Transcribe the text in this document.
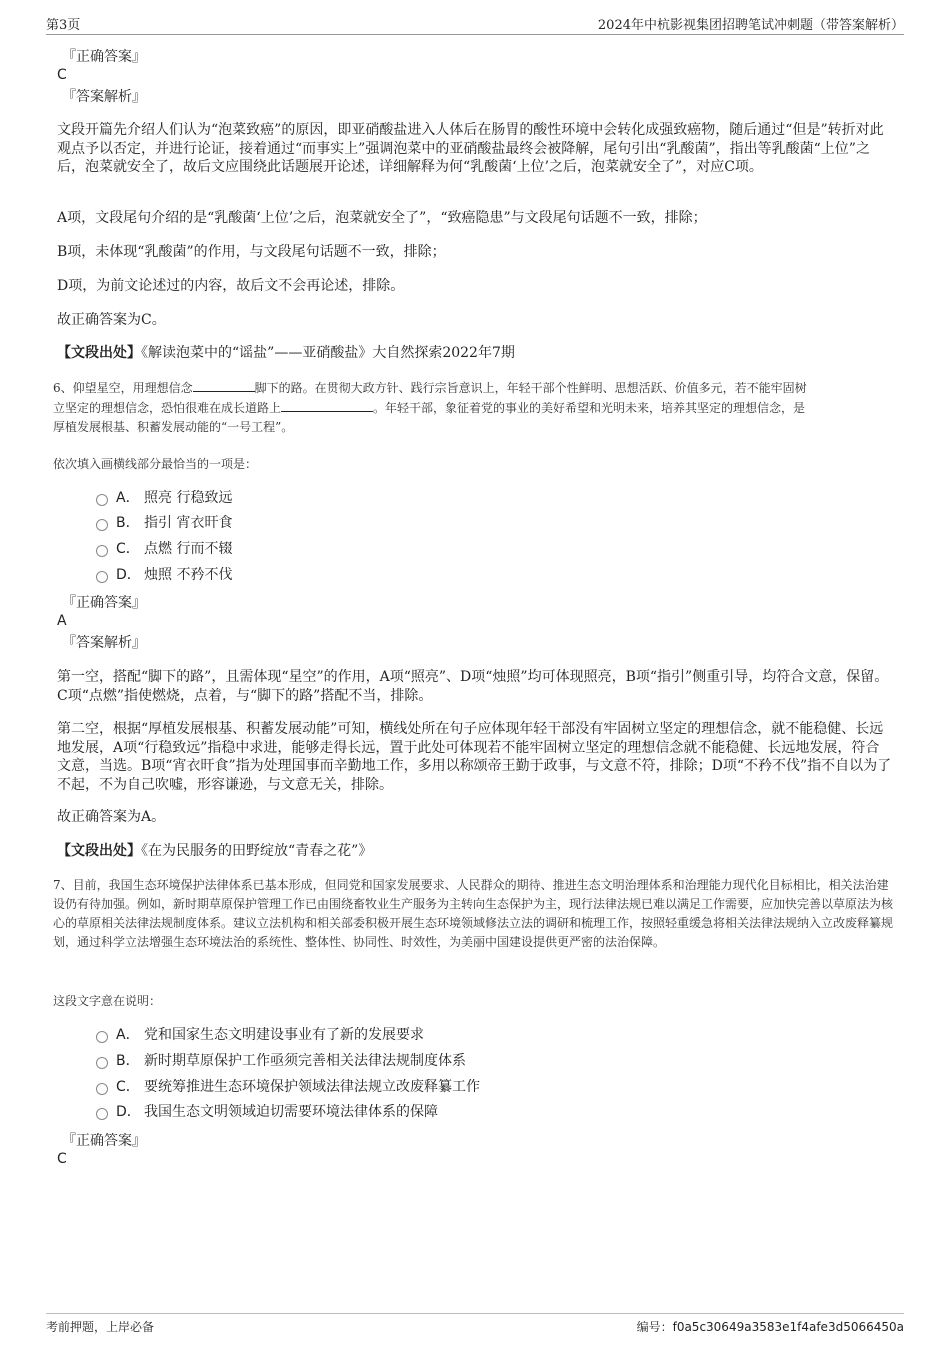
第3页	2024年中杭影视集团招聘笔试冲刺题（带答案解析）
『正确答案』
C
『答案解析』
文段开篇先介绍人们认为“泡菜致癌”的原因，即亚硝酸盐进入人体后在肠胃的酸性环境中会转化成强致癌物，随后通过“但是”转折对此观点予以否定，并进行论证，接着通过“而事实上”强调泡菜中的亚硝酸盐最终会被降解，尾句引出“乳酸菌”，指出等乳酸菌“上位”之后，泡菜就安全了，故后文应围绕此话题展开论述，详细解释为何“乳酸菌‘上位’之后，泡菜就安全了”，对应C项。
A项，文段尾句介绍的是“乳酸菌‘上位’之后，泡菜就安全了”，“致癌隐患”与文段尾句话题不一致，排除；
B项，未体现“乳酸菌”的作用，与文段尾句话题不一致，排除；
D项，为前文论述过的内容，故后文不会再论述，排除。
故正确答案为C。
【文段出处】《解读泡菜中的“谣盐”——亚硝酸盐》大自然探索2022年7期
6、仰望星空，用理想信念	脚下的路。在贯彻大政方针、践行宗旨意识上，年轻干部个性鲜明、思想活跃、价值多元，若不能牢固树
立坚定的理想信念，恐怕很难在成长道路上	。年轻干部，象征着党的事业的美好希望和光明未来，培养其坚定的理想信念，是
厚植发展根基、积蓄发展动能的“一号工程”。
依次填入画横线部分最恰当的一项是：
A． 照亮 行稳致远
B． 指引 宵衣旰食
C． 点燃 行而不辍
D． 烛照 不矜不伐
『正确答案』
A
『答案解析』
第一空，搭配“脚下的路”，且需体现“星空”的作用，A项“照亮”、D项“烛照”均可体现照亮，B项“指引”侧重引导，均符合文意，保留。C项“点燃”指使燃烧，点着，与“脚下的路”搭配不当，排除。
第二空，根据“厚植发展根基、积蓄发展动能”可知，横线处所在句子应体现年轻干部没有牢固树立坚定的理想信念，就不能稳健、长远地发展，A项“行稳致远”指稳中求进，能够走得长远，置于此处可体现若不能牢固树立坚定的理想信念就不能稳健、长远地发展，符合文意，当选。B项“宵衣旰食”指为处理国事而辛勤地工作，多用以称颂帝王勤于政事，与文意不符，排除；D项“不矜不伐”指不自以为了不起，不为自己吹嘘，形容谦逊，与文意无关，排除。
故正确答案为A。
【文段出处】《在为民服务的田野绽放“青春之花”》
7、目前，我国生态环境保护法律体系已基本形成，但同党和国家发展要求、人民群众的期待、推进生态文明治理体系和治理能力现代化目标相比，相关法治建设仍有待加强。例如，新时期草原保护管理工作已由围绕畜牧业生产服务为主转向生态保护为主，现行法律法规已难以满足工作需要，应加快完善以草原法为核心的草原相关法律法规制度体系。建议立法机构和相关部委积极开展生态环境领域修法立法的调研和梳理工作，按照轻重缓急将相关法律法规纳入立改废释纂规划，通过科学立法增强生态环境法治的系统性、整体性、协同性、时效性，为美丽中国建设提供更严密的法治保障。
这段文字意在说明：
A． 党和国家生态文明建设事业有了新的发展要求
B． 新时期草原保护工作亟须完善相关法律法规制度体系
C． 要统筹推进生态环境保护领域法律法规立改废释纂工作
D． 我国生态文明领域迫切需要环境法律体系的保障
『正确答案』
C
考前押题，上岸必备	编号：f0a5c30649a3583e1f4afe3d5066450a
